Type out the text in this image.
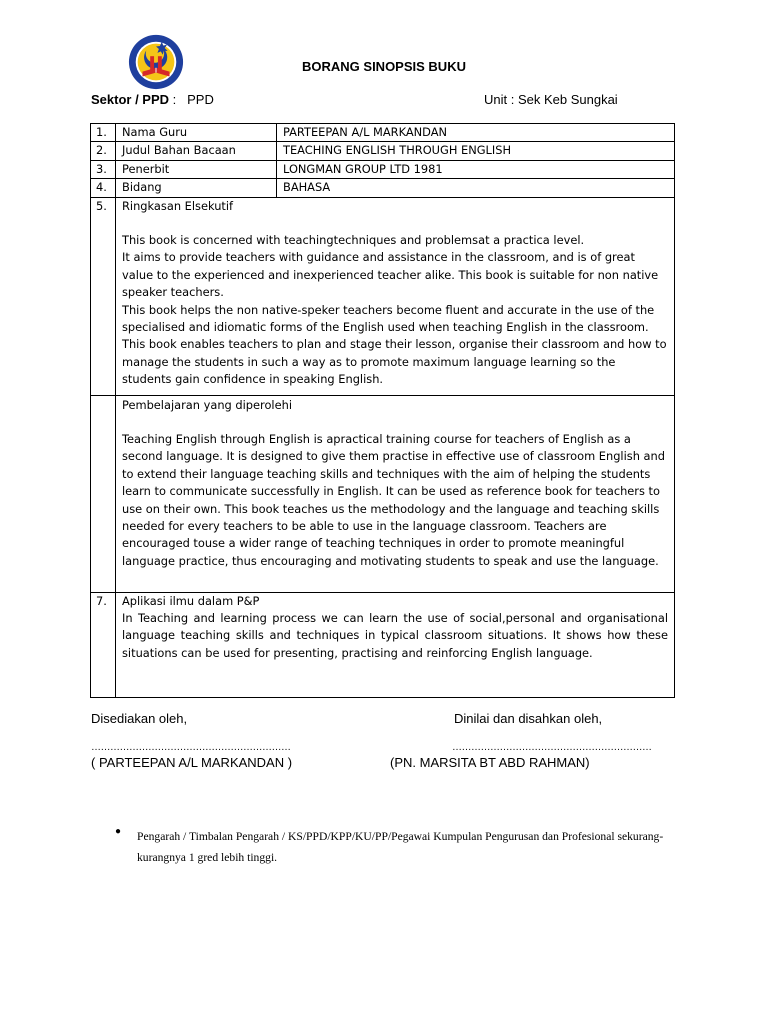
BORANG SINOPSIS BUKU
Sektor / PPD : PPD	Unit : Sek Keb Sungkai
1.	Nama Guru	PARTEEPAN A/L MARKANDAN
2.	Judul Bahan Bacaan	TEACHING ENGLISH THROUGH ENGLISH
3.	Penerbit	LONGMAN GROUP LTD 1981
4.	Bidang	BAHASA
5.	Ringkasan Elsekutif

This book is concerned with teachingtechniques and problemsat a practica level.

It aims to provide teachers with guidance and assistance in the classroom, and is of great value to the experienced and inexperienced teacher alike. This book is suitable for non native speaker teachers.

This book helps the non native-speker teachers become fluent and accurate in the use of the specialised and idiomatic forms of the English used when teaching English in the classroom.

This book enables teachers to plan and stage their lesson, organise their classroom and how to manage the students in such a way as to promote maximum language learning so the students gain confidence in speaking English.	

	Pembelajaran yang diperolehi

Teaching English through English is apractical training course for teachers of English as a second language. It is designed to give them practise in effective use of classroom English and to extend their language teaching skills and techniques with the aim of helping the students learn to communicate successfully in English. It can be used as reference book for teachers to use on their own. This book teaches us the methodology and the language and teaching skills needed for every teachers to be able to use in the language classroom. Teachers are encouraged touse a wider range of teaching techniques in order to promote meaningful language practice, thus encouraging and motivating students to speak and use the language.	

7.	Aplikasi ilmu dalam P&P

In Teaching and learning process we can learn the use of social,personal and organisational language teaching skills and techniques in typical classroom situations. It shows how these situations can be used for presenting, practising and reinforcing English language.	

Disediakan oleh,	Dinilai dan disahkan oleh,
………………………………………………………	………………………………………………………
( PARTEEPAN A/L MARKANDAN )	(PN. MARSITA BT ABD RAHMAN)
● Pengarah / Timbalan Pengarah / KS/PPD/KPP/KU/PP/Pegawai Kumpulan Pengurusan dan Profesional sekurang-kurangnya 1 gred lebih tinggi.
